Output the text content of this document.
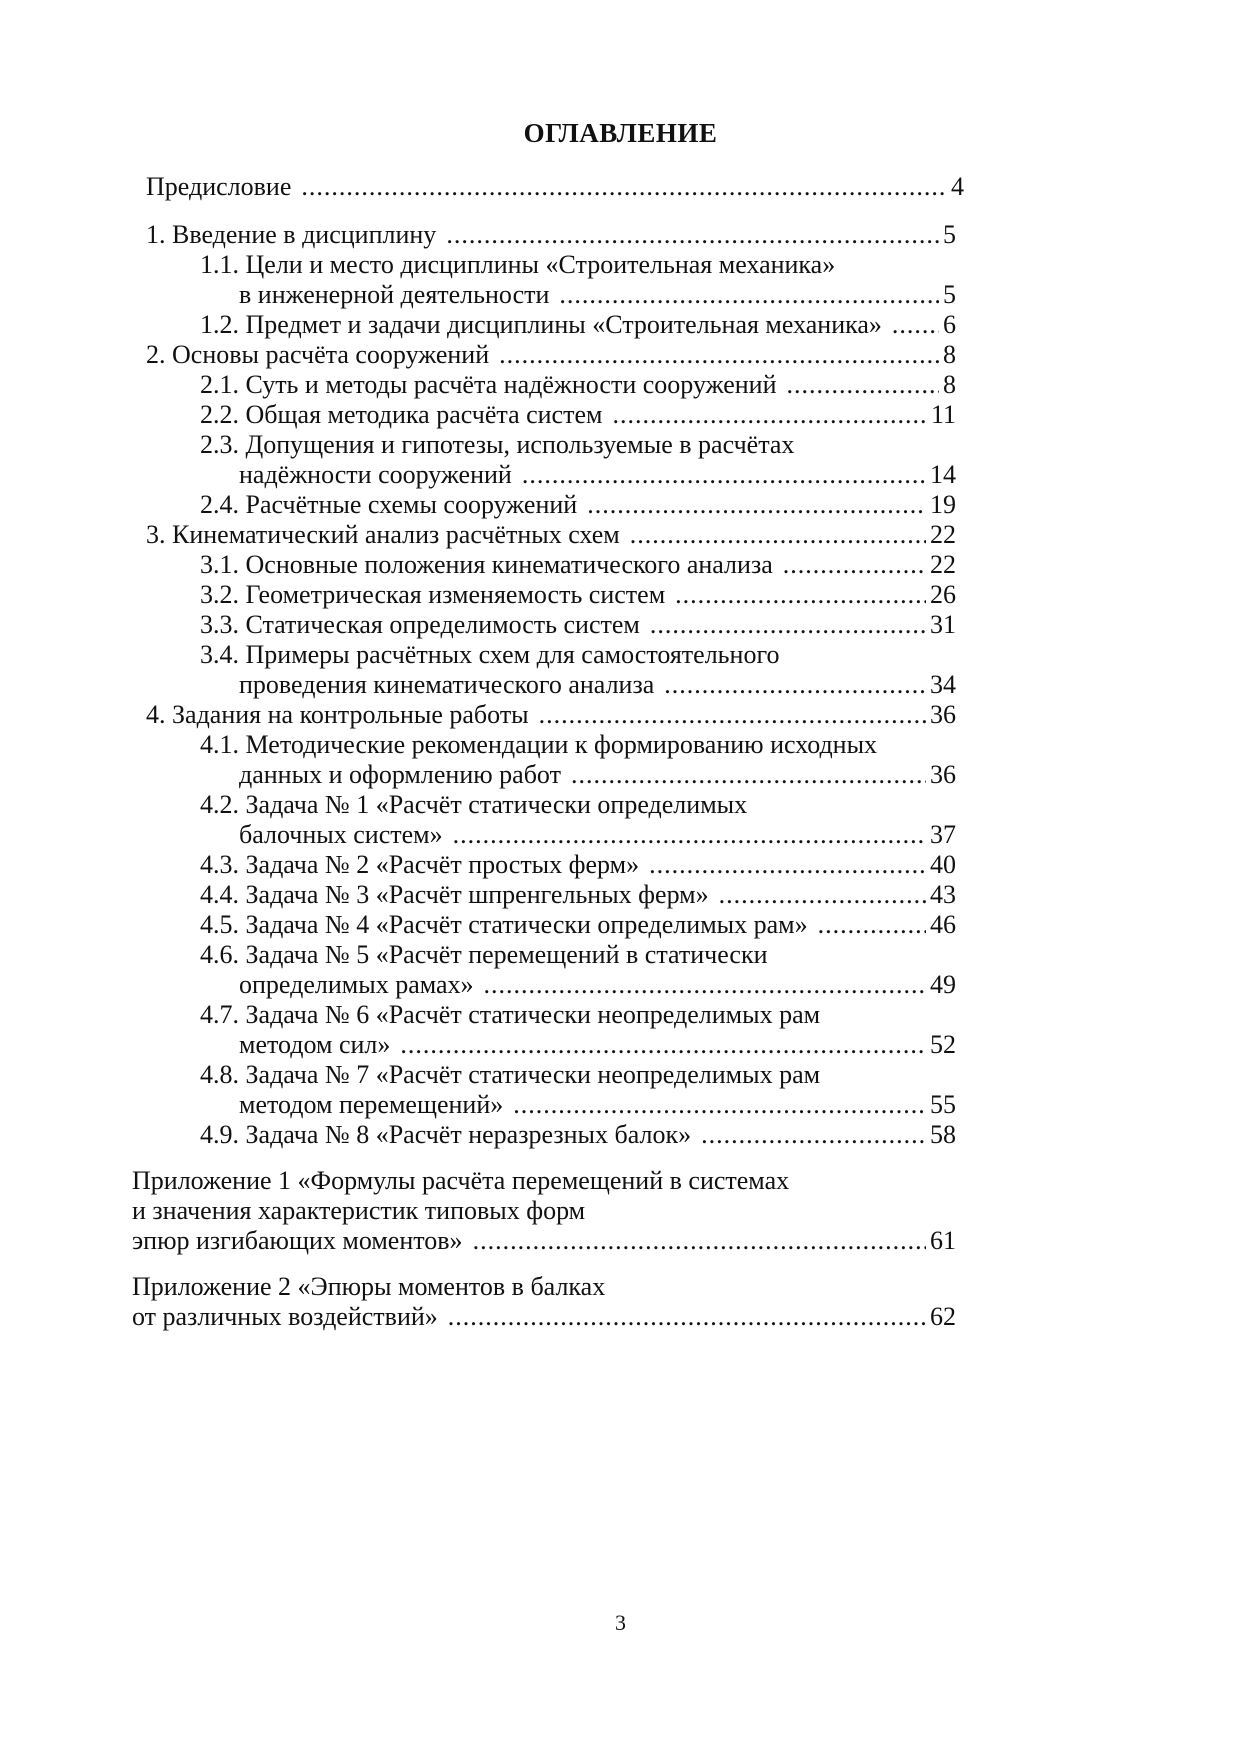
ОГЛАВЛЕНИЕ
Предисловие .....	4
1. Введение в дисциплину .....	5
1.1. Цели и место дисциплины «Строительная механика»
в инженерной деятельности .....	5
1.2. Предмет и задачи дисциплины «Строительная механика» ..... 6
2. Основы расчёта сооружений .....	8
2.1. Суть и методы расчёта надёжности сооружений .....	8
2.2. Общая методика расчёта систем .....	11
2.3. Допущения и гипотезы, используемые в расчётах
надёжности сооружений .....	14
2.4. Расчётные схемы сооружений .....	19
3. Кинематический анализ расчётных схем .....	22
3.1. Основные положения кинематического анализа .....	22
3.2. Геометрическая изменяемость систем .....	26
3.3. Статическая определимость систем .....	31
3.4. Примеры расчётных схем для самостоятельного
проведения кинематического анализа .....	34
4. Задания на контрольные работы .....	36
4.1. Методические рекомендации к формированию исходных
данных и оформлению работ .....	36
4.2. Задача № 1 «Расчёт статически определимых
балочных систем» .....	37
4.3. Задача № 2 «Расчёт простых ферм» .....	40
4.4. Задача № 3 «Расчёт шпренгельных ферм» .....	43
4.5. Задача № 4 «Расчёт статически определимых рам» .....	46
4.6. Задача № 5 «Расчёт перемещений в статически
определимых рамах» .....	49
4.7. Задача № 6 «Расчёт статически неопределимых рам
методом сил» .....	52
4.8. Задача № 7 «Расчёт статически неопределимых рам
методом перемещений» .....	55
4.9. Задача № 8 «Расчёт неразрезных балок» .....	58
Приложение 1 «Формулы расчёта перемещений в системах
и значения характеристик типовых форм
эпюр изгибающих моментов» .....	61
Приложение 2 «Эпюры моментов в балках
от различных воздействий» .....	62
3
